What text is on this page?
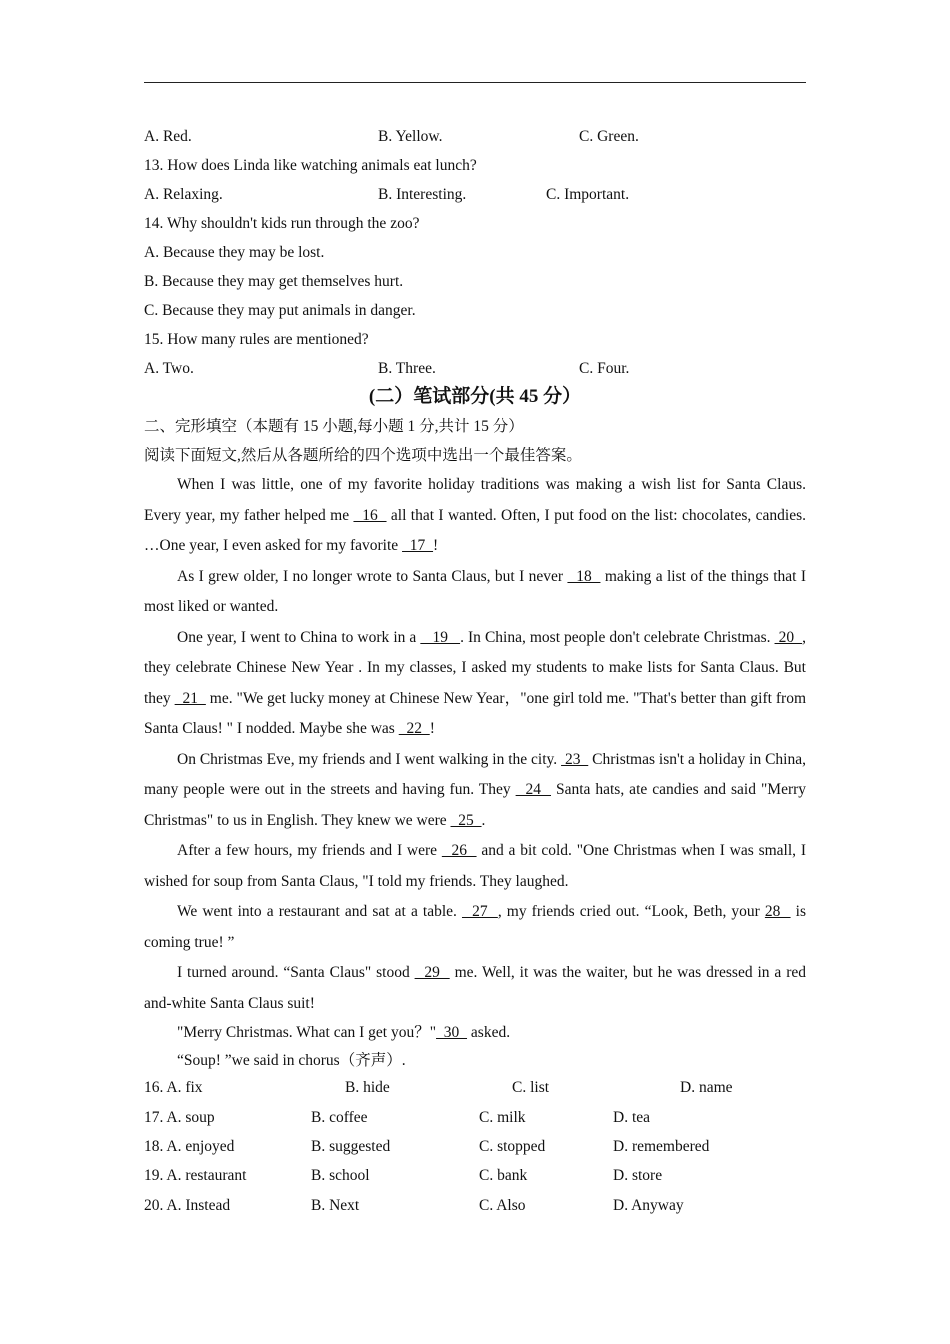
A. Red.	B. Yellow.	C. Green.
13. How does Linda like watching animals eat lunch?
A. Relaxing.	B. Interesting.	C. Important.
14. Why shouldn't kids run through the zoo?
A. Because they may be lost.
B. Because they may get themselves hurt.
C. Because they may put animals in danger.
15. How many rules are mentioned?
A. Two.	B. Three.	C. Four.
(二）笔试部分(共 45 分）
二、完形填空（本题有 15 小题,每小题 1 分,共计 15 分）
阅读下面短文,然后从各题所给的四个选项中选出一个最佳答案。

When I was little, one of my favorite holiday traditions was making a wish list for Santa Claus. Every year, my father helped me   16   all that I wanted. Often, I put food on the list: chocolates, candies. …One year, I even asked for my favorite   17  !

As I grew older, I no longer wrote to Santa Claus, but I never   18   making a list of the things that I most liked or wanted.

One year, I went to China to work in a    19   . In China, most people don't celebrate Christmas.  20  , they celebrate Chinese New Year . In my classes, I asked my students to make lists for Santa Claus. But they   21   me. "We get lucky money at Chinese New Year，"one girl told me. "That's better than gift from Santa Claus! " I nodded. Maybe she was   22  !

On Christmas Eve, my friends and I went walking in the city.  23   Christmas isn't a holiday in China, many people were out in the streets and having fun. They   24   Santa hats, ate candies and said "Merry Christmas" to us in English. They knew we were   25  .

After a few hours, my friends and I were   26   and a bit cold. "One Christmas when I was small, I wished for soup from Santa Claus, "I told my friends. They laughed.

We went into a restaurant and sat at a table.   27  , my friends cried out. “Look, Beth, your 28   is coming true! ”

I turned around. “Santa Claus" stood   29   me. Well, it was the waiter, but he was dressed in a red and-white Santa Claus suit!

"Merry Christmas. What can I get you？"  30   asked.

“Soup! ”we said in chorus（齐声）.

16. A. fix	B. hide	C. list	D. name
17. A. soup	B. coffee	C. milk	D. tea
18. A. enjoyed	B. suggested	C. stopped	D. remembered
19. A. restaurant	B. school	C. bank	D. store
20. A. Instead	B. Next	C. Also	D. Anyway
